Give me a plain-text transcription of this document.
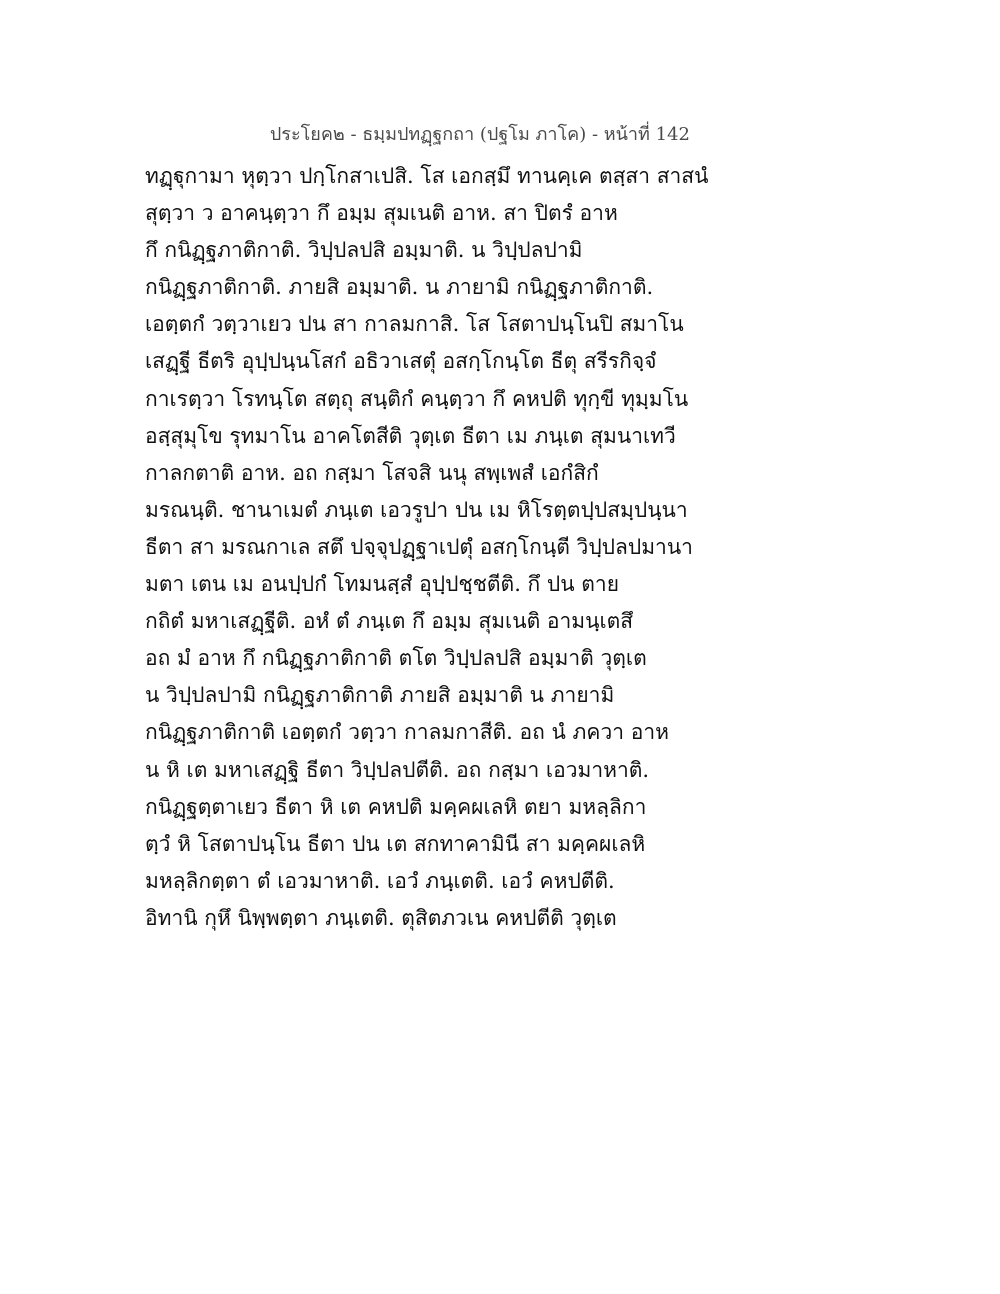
ประโยค๒ - ธมฺมปทฏฺฐกถา (ปฐโม ภาโค) - หน้าที่ 142
ทฏฺฐุกามา หุตฺวา ปกฺโกสาเปสิ. โส เอกสฺมึ ทานคฺเค ตสฺสา สาสนํ
สุตฺวา ว อาคนฺตฺวา กึ อมฺม สุมเนติ อาห. สา ปิตรํ อาห
กึ กนิฏฺฐภาติกาติ. วิปฺปลปสิ อมฺมาติ. น วิปฺปลปามิ
กนิฏฺฐภาติกาติ. ภายสิ อมฺมาติ. น ภายามิ กนิฏฺฐภาติกาติ.
เอตฺตกํ วตฺวาเยว ปน สา กาลมกาสิ. โส โสตาปนฺโนปิ สมาโน
เสฏฺฐี ธีตริ อุปฺปนฺนโสกํ อธิวาเสตุํ อสกฺโกนฺโต ธีตุ สรีรกิจฺจํ
กาเรตฺวา โรทนฺโต สตฺถุ สนฺติกํ คนฺตฺวา กึ คหปติ ทุกฺขี ทุมฺมโน
อสฺสุมุโข รุทมาโน อาคโตสีติ วุตฺเต ธีตา เม ภนฺเต สุมนาเทวี
กาลกตาติ อาห. อถ กสฺมา โสจสิ นนุ สพฺเพสํ เอกํสิกํ
มรณนฺติ. ชานาเมตํ ภนฺเต เอวรูปา ปน เม หิโรตฺตปฺปสมฺปนฺนา
ธีตา สา มรณกาเล สตึ ปจฺจุปฏฺฐาเปตุํ อสกฺโกนฺตี วิปฺปลปมานา
มตา เตน เม อนปฺปกํ โทมนสฺสํ อุปฺปชฺชตีติ. กึ ปน ตาย
กถิตํ มหาเสฏฺฐีติ. อหํ ตํ ภนฺเต กึ อมฺม สุมเนติ อามนฺเตสึ
อถ มํ อาห กึ กนิฏฺฐภาติกาติ ตโต วิปฺปลปสิ อมฺมาติ วุตฺเต
น วิปฺปลปามิ กนิฏฺฐภาติกาติ ภายสิ อมฺมาติ น ภายามิ
กนิฏฺฐภาติกาติ เอตฺตกํ วตฺวา กาลมกาสีติ. อถ นํ ภควา อาห
น หิ เต มหาเสฏฺฐิ ธีตา วิปฺปลปตีติ. อถ กสฺมา เอวมาหาติ.
กนิฏฺฐตฺตาเยว ธีตา หิ เต คหปติ มคฺคผเลหิ ตยา มหลฺลิกา
ตฺวํ หิ โสตาปนฺโน ธีตา ปน เต สกทาคามินี สา มคฺคผเลหิ
มหลฺลิกตฺตา ตํ เอวมาหาติ. เอวํ ภนฺเตติ. เอวํ คหปตีติ.
อิทานิ กุหึ นิพฺพตฺตา ภนฺเตติ. ตุสิตภวเน คหปตีติ วุตฺเต
